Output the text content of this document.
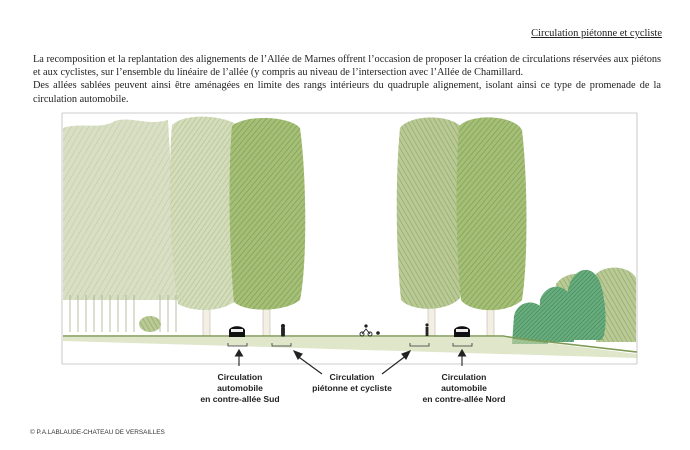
Circulation piétonne et cycliste

La recomposition et la replantation des alignements de l’Allée de Marnes offrent l’occasion de proposer la création de circulations réservées aux piétons et aux cyclistes, sur l’ensemble du linéaire de l’allée (y compris au niveau de l’intersection avec l’Allée de Chamillard.

Des allées sablées peuvent ainsi être aménagées en limite des rangs intérieurs du quadruple alignement, isolant ainsi ce type de promenade de la circulation automobile.

Circulation
automobile
en contre-allée Sud
Circulation
piétonne et cycliste
Circulation
automobile
en contre-allée Nord
© P.A.LABLAUDE-CHATEAU DE VERSAILLES
